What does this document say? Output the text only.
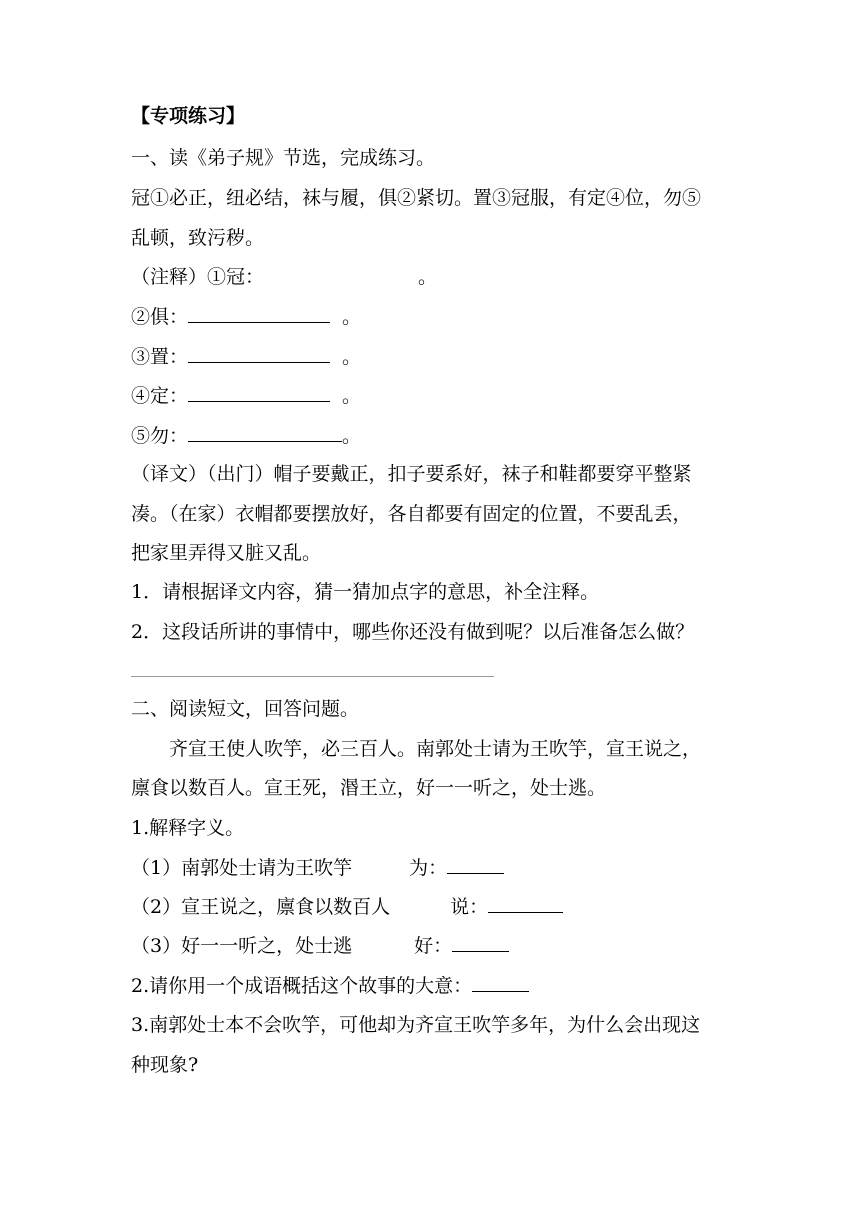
【专项练习】
一、读《弟子规》节选，完成练习。
冠①必正，纽必结，袜与履，俱②紧切。置③冠服，有定④位，勿⑤
乱顿，致污秽。
（注释）①冠：	。
②俱：	。
③置：	。
④定：	。
⑤勿：	。
（译文）（出门）帽子要戴正，扣子要系好，袜子和鞋都要穿平整紧
凑。（在家）衣帽都要摆放好，各自都要有固定的位置，不要乱丢，
把家里弄得又脏又乱。
1．请根据译文内容，猜一猜加点字的意思，补全注释。
2．这段话所讲的事情中，哪些你还没有做到呢？以后准备怎么做？
二、阅读短文，回答问题。
齐宣王使人吹竽，必三百人。南郭处士请为王吹竽，宣王说之，
廪食以数百人。宣王死，湣王立，好一一听之，处士逃。
1.解释字义。
（1）南郭处士请为王吹竽	为：
（2）宣王说之，廪食以数百人	说：
（3）好一一听之，处士逃	好：
2.请你用一个成语概括这个故事的大意：
3.南郭处士本不会吹竽，可他却为齐宣王吹竽多年，为什么会出现这
种现象?
